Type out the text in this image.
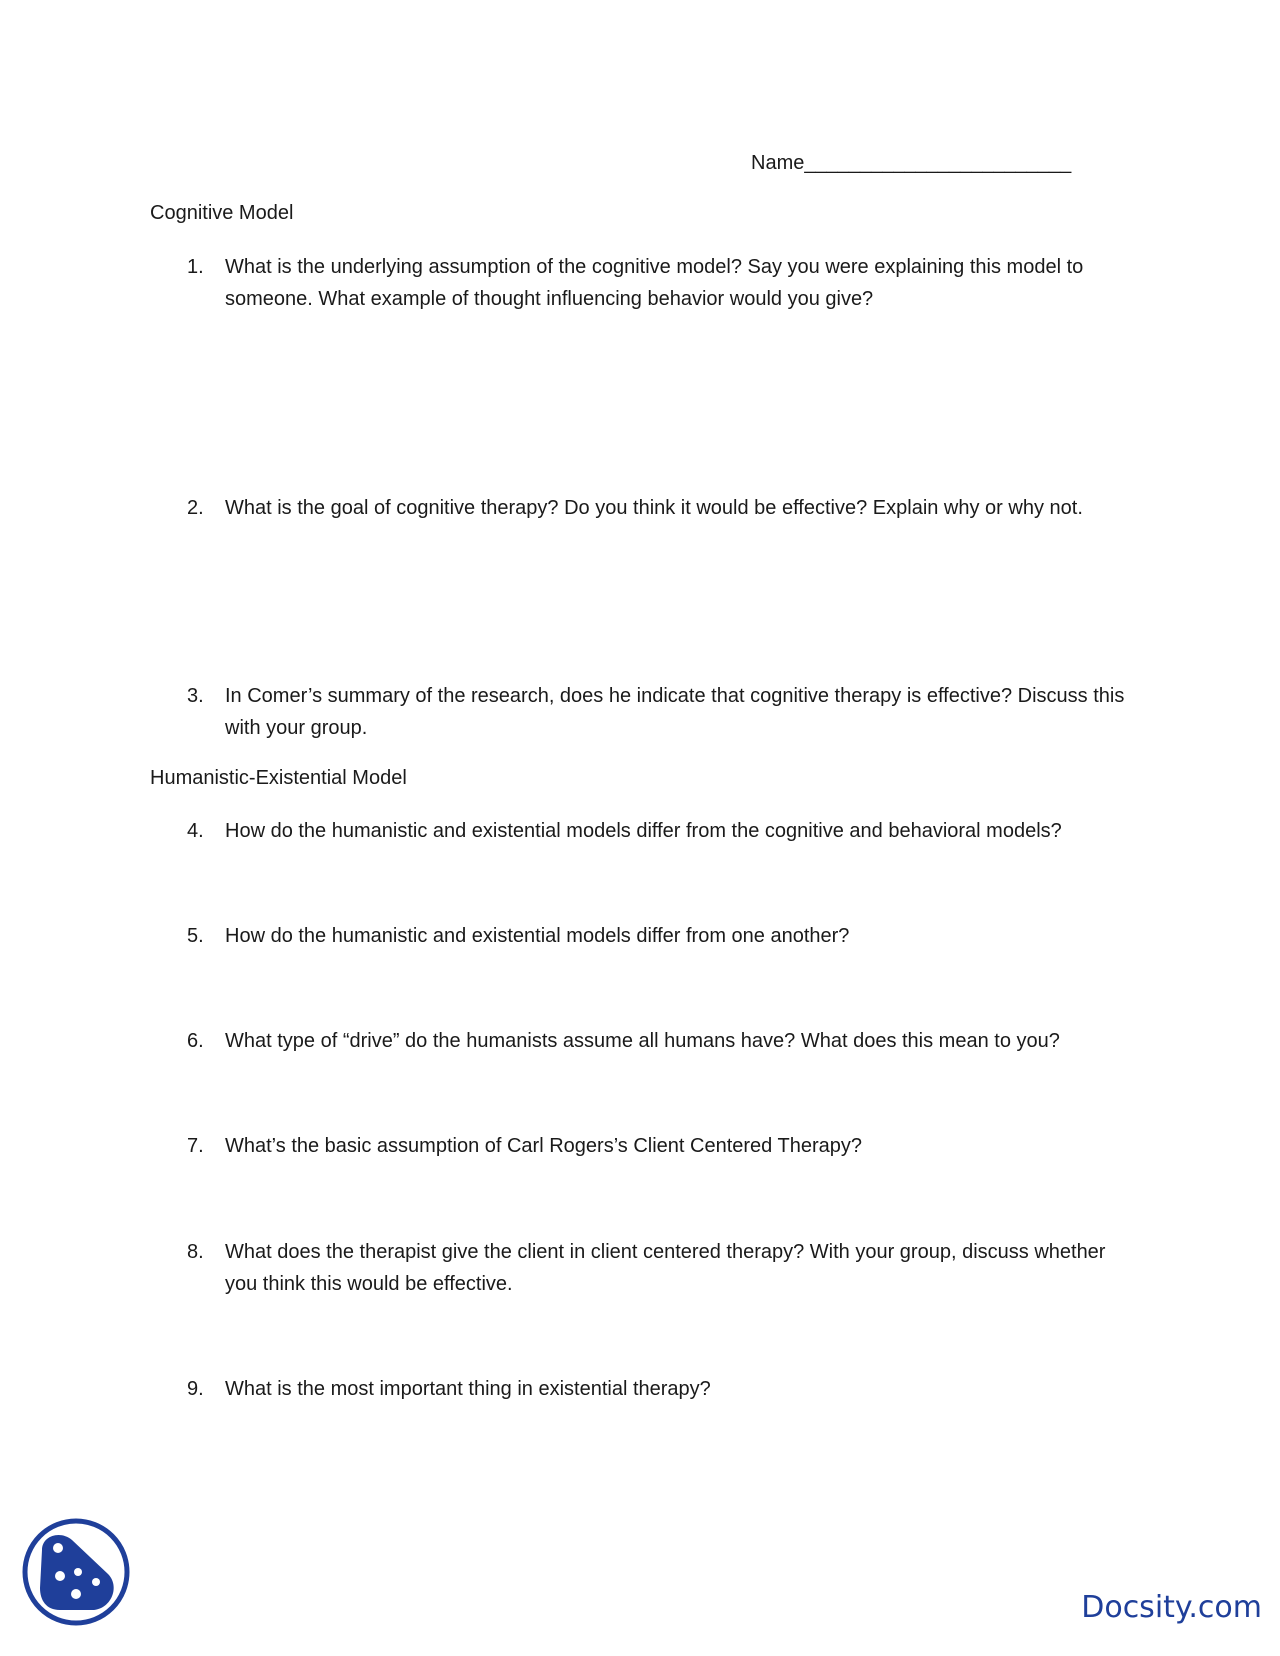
Name________________________
Cognitive Model
1.	What is the underlying assumption of the cognitive model? Say you were explaining this model to someone. What example of thought influencing behavior would you give?
2.	What is the goal of cognitive therapy? Do you think it would be effective? Explain why or why not.
3.	In Comer’s summary of the research, does he indicate that cognitive therapy is effective? Discuss this with your group.
Humanistic-Existential Model
4.	How do the humanistic and existential models differ from the cognitive and behavioral models?
5.	How do the humanistic and existential models differ from one another?
6.	What type of “drive” do the humanists assume all humans have? What does this mean to you?
7.	What’s the basic assumption of Carl Rogers’s Client Centered Therapy?
8.	What does the therapist give the client in client centered therapy? With your group, discuss whether you think this would be effective.
9.	What is the most important thing in existential therapy?
Docsity.com
